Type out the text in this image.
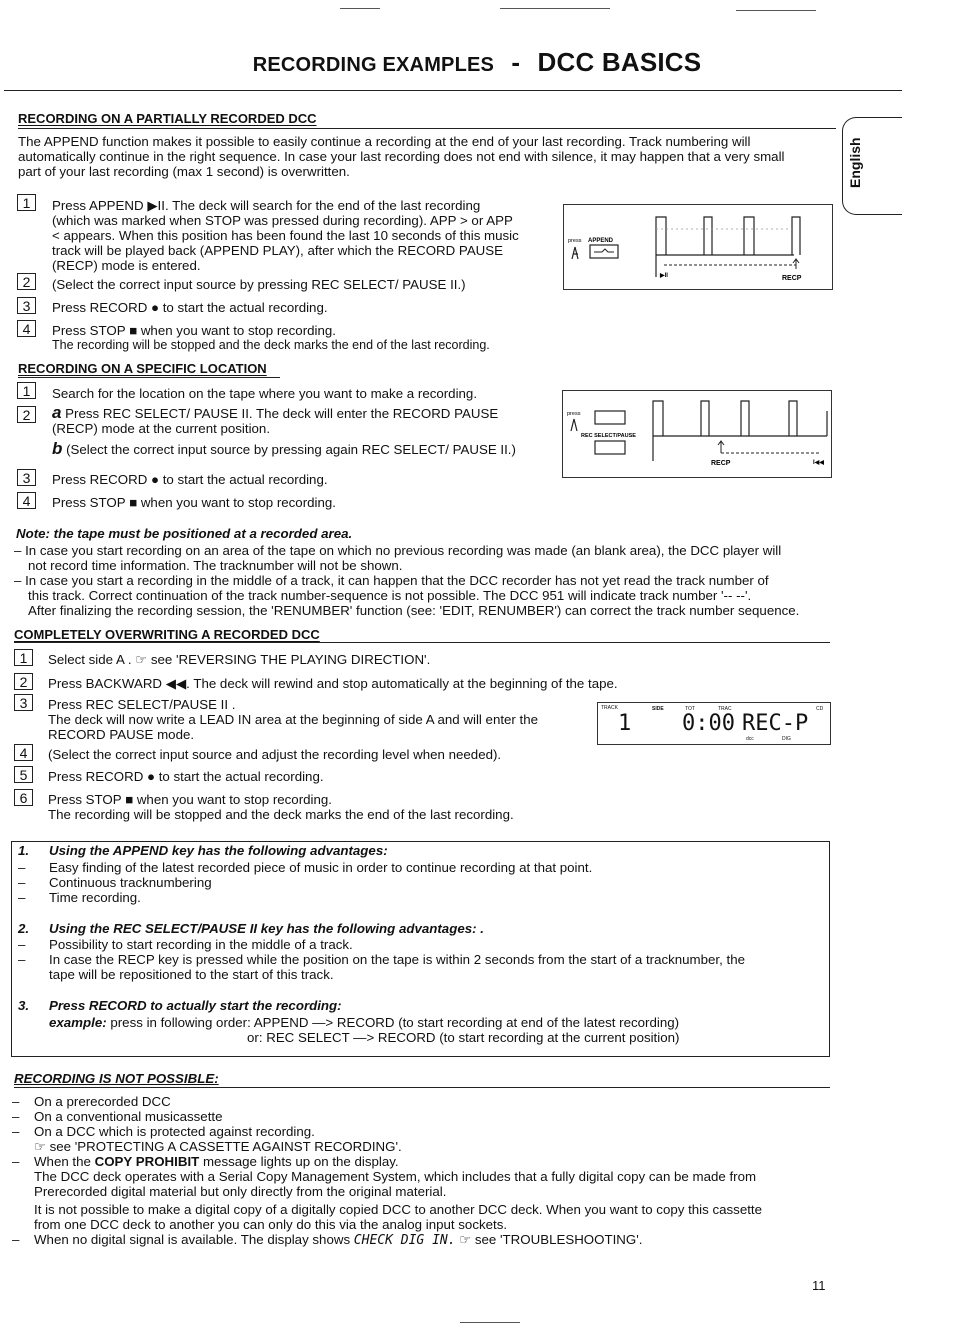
RECORDING EXAMPLES - DCC BASICS
English
RECORDING ON A PARTIALLY RECORDED DCC
The APPEND function makes it possible to easily continue a recording at the end of your last recording. Track numbering will
automatically continue in the right sequence. In case your last recording does not end with silence, it may happen that a very small
part of your last recording (max 1 second) is overwritten.
1	Press APPEND ▶II. The deck will search for the end of the last recording
(which was marked when STOP was pressed during recording). APP > or APP
< appears. When this position has been found the last 10 seconds of this music
track will be played back (APPEND PLAY), after which the RECORD PAUSE
(RECP) mode is entered.
2	(Select the correct input source by pressing REC SELECT/ PAUSE II.)
3	Press RECORD ● to start the actual recording.
4	Press STOP ■ when you want to stop recording.
The recording will be stopped and the deck marks the end of the last recording.
press APPEND
▶II	RECP
RECORDING ON A SPECIFIC LOCATION
1	Search for the location on the tape where you want to make a recording.
2	a Press REC SELECT/ PAUSE II. The deck will enter the RECORD PAUSE
(RECP) mode at the current position.
b (Select the correct input source by pressing again REC SELECT/ PAUSE II.)
3	Press RECORD ● to start the actual recording.
4	Press STOP ■ when you want to stop recording.
press
REC SELECT/PAUSE
RECP	I◀◀
Note: the tape must be positioned at a recorded area.
– In case you start recording on an area of the tape on which no previous recording was made (an blank area), the DCC player will
not record time information. The tracknumber will not be shown.
– In case you start a recording in the middle of a track, it can happen that the DCC recorder has not yet read the track number of
this track. Correct continuation of the track number-sequence is not possible. The DCC 951 will indicate track number '-- --'.
After finalizing the recording session, the 'RENUMBER' function (see: 'EDIT, RENUMBER') can correct the track number sequence.
COMPLETELY OVERWRITING A RECORDED DCC
1	Select side A . ☞ see 'REVERSING THE PLAYING DIRECTION'.
2	Press BACKWARD ◀◀. The deck will rewind and stop automatically at the beginning of the tape.
3	Press REC SELECT/PAUSE II .
The deck will now write a LEAD IN area at the beginning of side A and will enter the
RECORD PAUSE mode.
4	(Select the correct input source and adjust the recording level when needed).
5	Press RECORD ● to start the actual recording.
6	Press STOP ■ when you want to stop recording.
The recording will be stopped and the deck marks the end of the last recording.
TRACK	SIDE	TOT	TRAC	CD
1 0:00 REC-P
dcc	DIG
1. Using the APPEND key has the following advantages:
– Easy finding of the latest recorded piece of music in order to continue recording at that point.
– Continuous tracknumbering
– Time recording.
2. Using the REC SELECT/PAUSE II key has the following advantages: .
– Possibility to start recording in the middle of a track.
– In case the RECP key is pressed while the position on the tape is within 2 seconds from the start of a tracknumber, the
tape will be repositioned to the start of this track.
3. Press RECORD to actually start the recording:
example: press in following order: APPEND —> RECORD (to start recording at end of the latest recording)
or: REC SELECT —> RECORD (to start recording at the current position)
RECORDING IS NOT POSSIBLE:
– On a prerecorded DCC
– On a conventional musicassette
– On a DCC which is protected against recording.
☞ see 'PROTECTING A CASSETTE AGAINST RECORDING'.
– When the COPY PROHIBIT message lights up on the display.
The DCC deck operates with a Serial Copy Management System, which includes that a fully digital copy can be made from
Prerecorded digital material but only directly from the original material.
It is not possible to make a digital copy of a digitally copied DCC to another DCC deck. When you want to copy this cassette
from one DCC deck to another you can only do this via the analog input sockets.
– When no digital signal is available. The display shows CHECK DIG IN. ☞ see 'TROUBLESHOOTING'.
11
